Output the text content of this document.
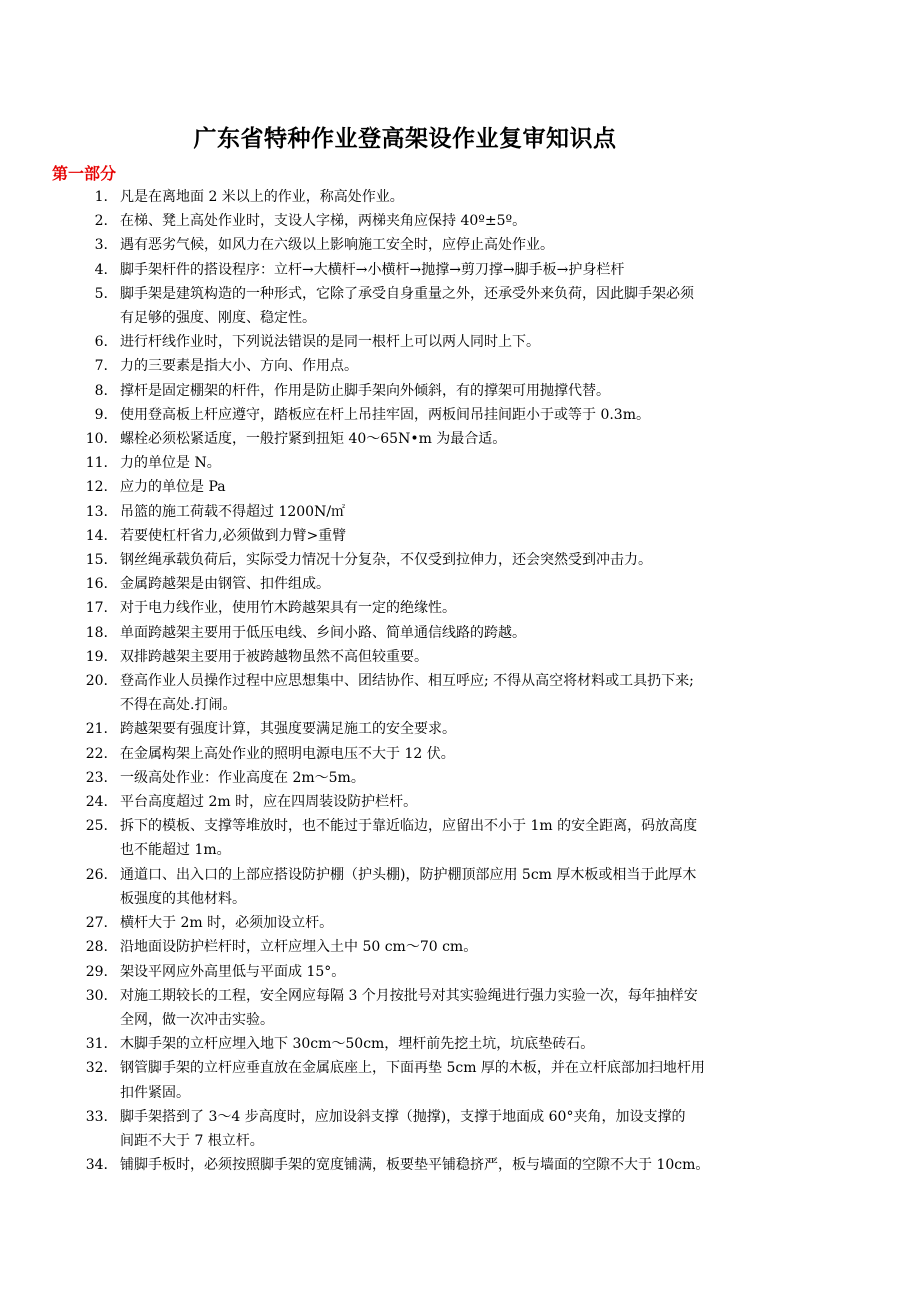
广东省特种作业登高架设作业复审知识点
第一部分
1. 凡是在离地面 2 米以上的作业，称高处作业。
2. 在梯、凳上高处作业时，支设人字梯，两梯夹角应保持 40º±5º。
3. 遇有恶劣气候，如风力在六级以上影响施工安全时，应停止高处作业。
4. 脚手架杆件的搭设程序：立杆→大横杆→小横杆→抛撑→剪刀撑→脚手板→护身栏杆
5. 脚手架是建筑构造的一种形式，它除了承受自身重量之外，还承受外来负荷，因此脚手架必须
有足够的强度、刚度、稳定性。
6. 进行杆线作业时，下列说法错误的是同一根杆上可以两人同时上下。
7. 力的三要素是指大小、方向、作用点。
8. 撑杆是固定棚架的杆件，作用是防止脚手架向外倾斜，有的撑架可用抛撑代替。
9. 使用登高板上杆应遵守，踏板应在杆上吊挂牢固，两板间吊挂间距小于或等于 0.3m。
10. 螺栓必须松紧适度，一般拧紧到扭矩 40～65N•m 为最合适。
11. 力的单位是 N。
12. 应力的单位是 Pa
13. 吊篮的施工荷载不得超过 1200N/㎡
14. 若要使杠杆省力,必须做到力臂>重臂
15. 钢丝绳承载负荷后，实际受力情况十分复杂，不仅受到拉伸力，还会突然受到冲击力。
16. 金属跨越架是由钢管、扣件组成。
17. 对于电力线作业，使用竹木跨越架具有一定的绝缘性。
18. 单面跨越架主要用于低压电线、乡间小路、简单通信线路的跨越。
19. 双排跨越架主要用于被跨越物虽然不高但较重要。
20. 登高作业人员操作过程中应思想集中、团结协作、相互呼应; 不得从高空将材料或工具扔下来;
不得在高处.打闹。
21. 跨越架要有强度计算，其强度要满足施工的安全要求。
22. 在金属构架上高处作业的照明电源电压不大于 12 伏。
23. 一级高处作业：作业高度在 2m～5m。
24. 平台高度超过 2m 时，应在四周装设防护栏杆。
25. 拆下的模板、支撑等堆放时，也不能过于靠近临边，应留出不小于 1m 的安全距离，码放高度
也不能超过 1m。
26. 通道口、出入口的上部应搭设防护棚（护头棚)，防护棚顶部应用 5cm 厚木板或相当于此厚木
板强度的其他材料。
27. 横杆大于 2m 时，必须加设立杆。
28. 沿地面设防护栏杆时，立杆应埋入土中 50 cm～70 cm。
29. 架设平网应外高里低与平面成 15°。
30. 对施工期较长的工程，安全网应每隔 3 个月按批号对其实验绳进行强力实验一次，每年抽样安
全网，做一次冲击实验。
31. 木脚手架的立杆应埋入地下 30cm～50cm，埋杆前先挖土坑，坑底垫砖石。
32. 钢管脚手架的立杆应垂直放在金属底座上，下面再垫 5cm 厚的木板，并在立杆底部加扫地杆用
扣件紧固。
33. 脚手架搭到了 3～4 步高度时，应加设斜支撑（抛撑)，支撑于地面成 60°夹角，加设支撑的
间距不大于 7 根立杆。
34. 铺脚手板时，必须按照脚手架的宽度铺满，板要垫平铺稳挤严，板与墙面的空隙不大于 10cm。
